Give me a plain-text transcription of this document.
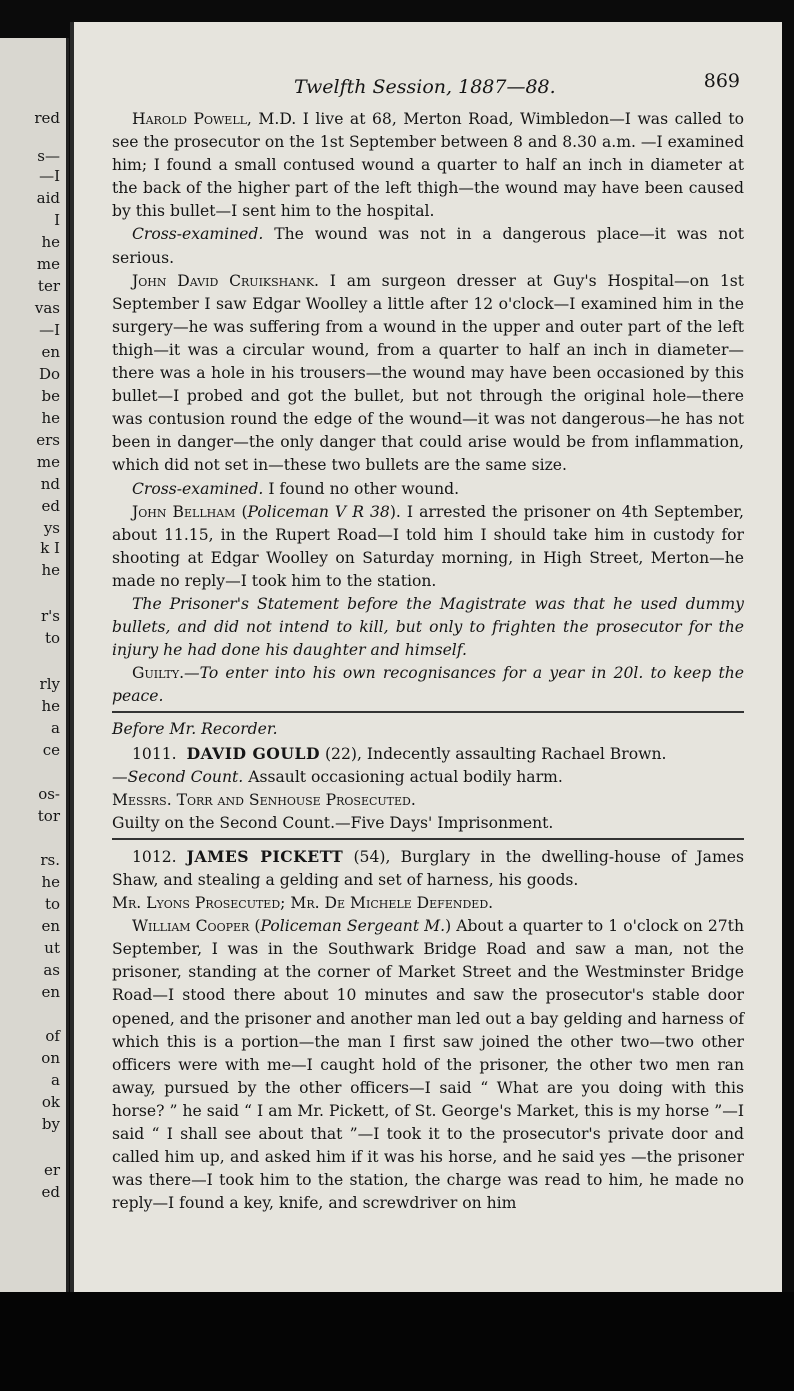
red
s—
—I
aid
I
he
me
ter
vas
—I
en
Do
be
he
ers
me
nd
ed
ys
k I
he
r's
to
rly
he
a
ce
os-
tor
rs.
he
to
en
ut
as
en
of
on
a
ok
by
er
ed
Twelfth Session, 1887—88.	869

Harold Powell, M.D. I live at 68, Merton Road, Wimbledon—I was called to see the prosecutor on the 1st September between 8 and 8.30 a.m. —I examined him; I found a small contused wound a quarter to half an inch in diameter at the back of the higher part of the left thigh—the wound may have been caused by this bullet—I sent him to the hospital.

Cross-examined. The wound was not in a dangerous place—it was not serious.

John David Cruikshank. I am surgeon dresser at Guy's Hospital—on 1st September I saw Edgar Woolley a little after 12 o'clock—I examined him in the surgery—he was suffering from a wound in the upper and outer part of the left thigh—it was a circular wound, from a quarter to half an inch in diameter—there was a hole in his trousers—the wound may have been occasioned by this bullet—I probed and got the bullet, but not through the original hole—there was contusion round the edge of the wound—it was not dangerous—he has not been in danger—the only danger that could arise would be from inflammation, which did not set in—these two bullets are the same size.

Cross-examined. I found no other wound.

John Bellham (Policeman V R 38). I arrested the prisoner on 4th September, about 11.15, in the Rupert Road—I told him I should take him in custody for shooting at Edgar Woolley on Saturday morning, in High Street, Merton—he made no reply—I took him to the station.

The Prisoner's Statement before the Magistrate was that he used dummy bullets, and did not intend to kill, but only to frighten the prosecutor for the injury he had done his daughter and himself.

Guilty.—To enter into his own recognisances for a year in 20l. to keep the peace.

Before Mr. Recorder.

1011. DAVID GOULD (22), Indecently assaulting Rachael Brown.

—Second Count. Assault occasioning actual bodily harm.

Messrs. Torr and Senhouse Prosecuted.

Guilty on the Second Count.—Five Days' Imprisonment.

1012. JAMES PICKETT (54), Burglary in the dwelling-house of James Shaw, and stealing a gelding and set of harness, his goods.

Mr. Lyons Prosecuted; Mr. De Michele Defended.

William Cooper (Policeman Sergeant M.) About a quarter to 1 o'clock on 27th September, I was in the Southwark Bridge Road and saw a man, not the prisoner, standing at the corner of Market Street and the Westminster Bridge Road—I stood there about 10 minutes and saw the prosecutor's stable door opened, and the prisoner and another man led out a bay gelding and harness of which this is a portion—the man I first saw joined the other two—two other officers were with me—I caught hold of the prisoner, the other two men ran away, pursued by the other officers—I said “ What are you doing with this horse? ” he said “ I am Mr. Pickett, of St. George's Market, this is my horse ”—I said “ I shall see about that ”—I took it to the prosecutor's private door and called him up, and asked him if it was his horse, and he said yes —the prisoner was there—I took him to the station, the charge was read to him, he made no reply—I found a key, knife, and screwdriver on him
